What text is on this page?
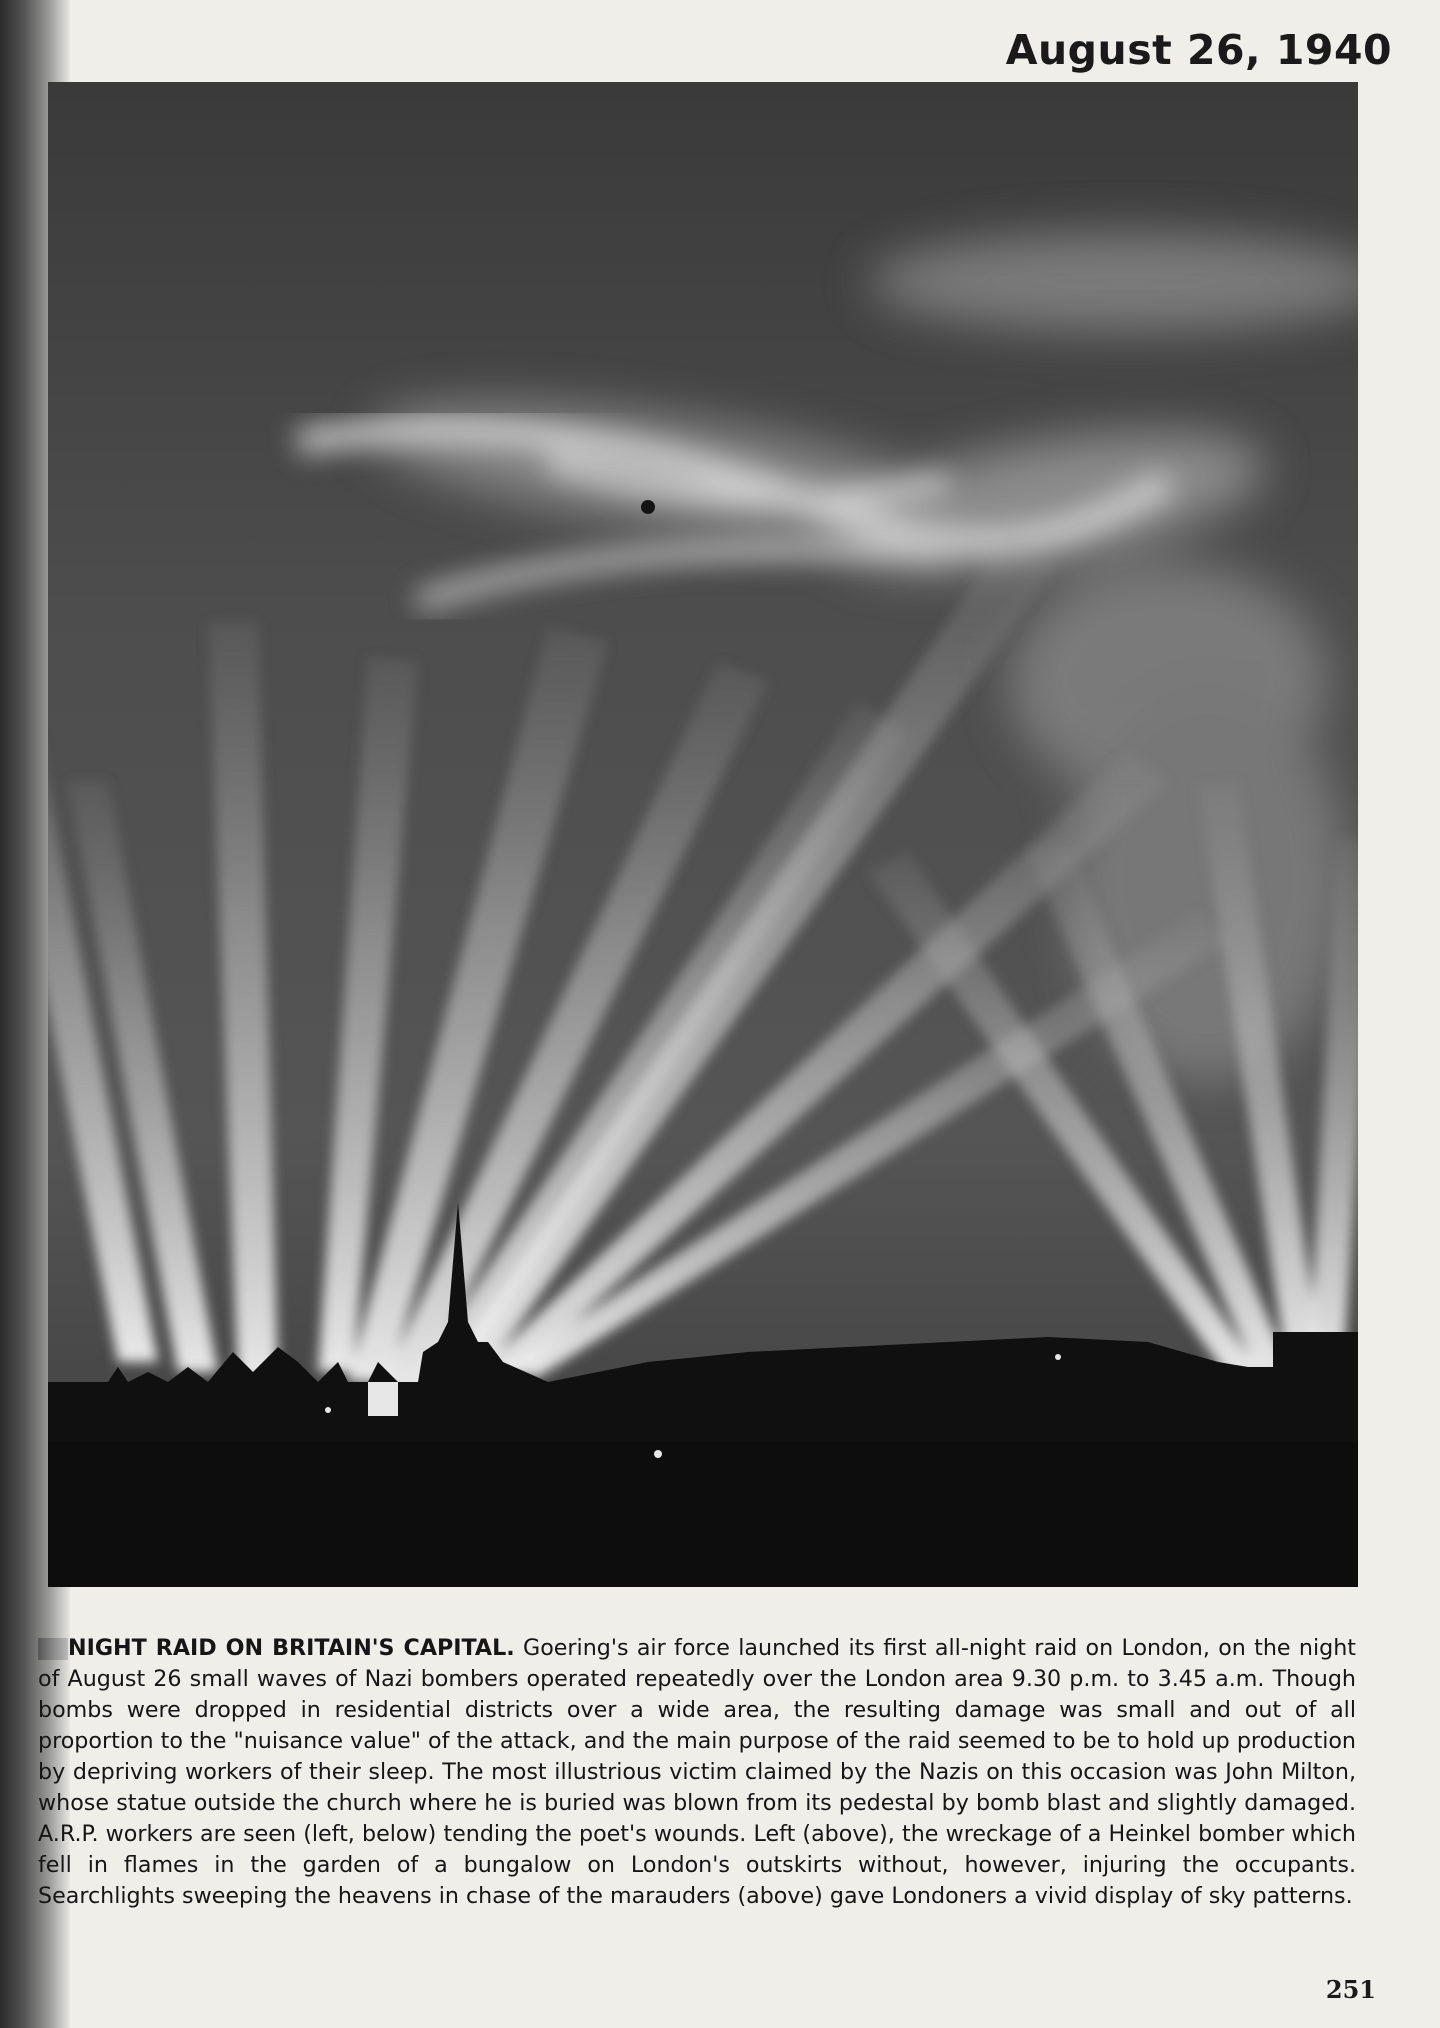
August 26, 1940

NIGHT RAID ON BRITAIN'S CAPITAL. Goering's air force launched its first all-night raid on London, on the night of August 26 small waves of Nazi bombers operated repeatedly over the London area 9.30 p.m. to 3.45 a.m. Though bombs were dropped in residential districts over a wide area, the resulting damage was small and out of all proportion to the "nuisance value" of the attack, and the main purpose of the raid seemed to be to hold up production by depriving workers of their sleep. The most illustrious victim claimed by the Nazis on this occasion was John Milton, whose statue outside the church where he is buried was blown from its pedestal by bomb blast and slightly damaged. A.R.P. workers are seen (left, below) tending the poet's wounds. Left (above), the wreckage of a Heinkel bomber which fell in flames in the garden of a bungalow on London's outskirts without, however, injuring the occupants. Searchlights sweeping the heavens in chase of the marauders (above) gave Londoners a vivid display of sky patterns.

251
